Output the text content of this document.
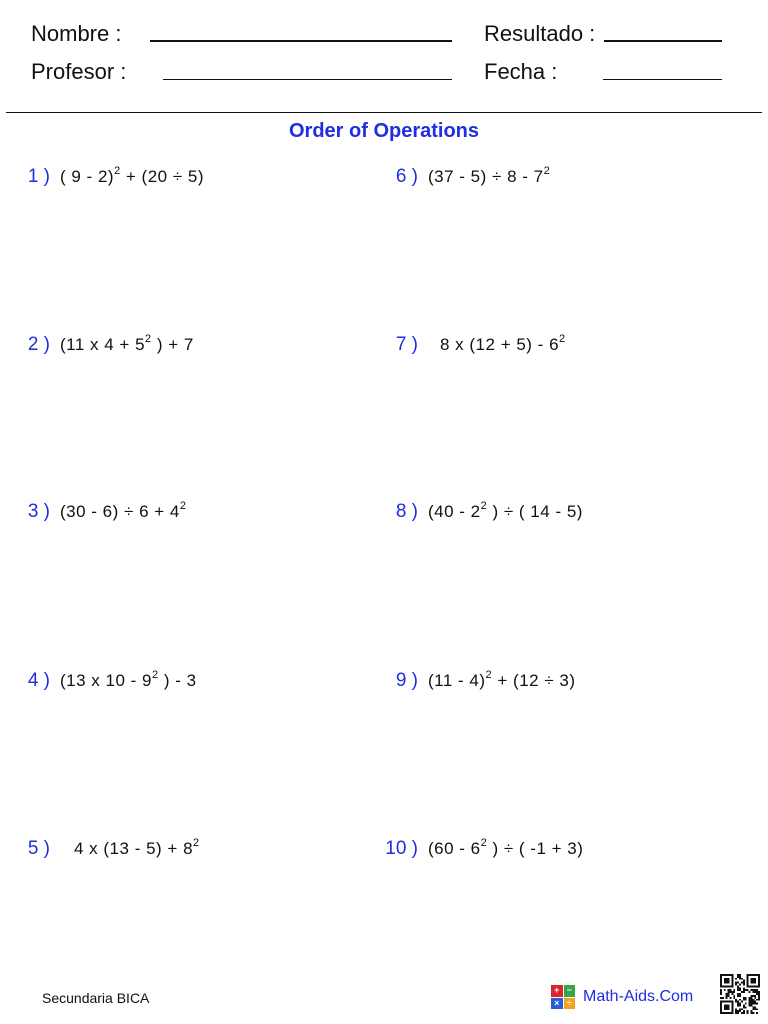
Nombre :	Resultado :
Profesor :	Fecha :
Order of Operations
1 ) ( 9 - 2)$^2$ + (20 ÷ 5)
2 ) (11 x $4 + 5^2$ ) + 7
3 ) $(30 - 6) \div 6 + 4^2$
4 ) (13 x $10 - 9^2$ ) - 3
5 ) 4 x $(13 - 5) + 8^2$
6 ) $(37 - 5) \div 8 - 7^2$
7 ) 8 x $(12 + 5) - 6^2$
8 ) ($40 - 2^2$ ) ÷ ( 14 - 5)
9 ) (11 - 4)$^2$ + (12 ÷ 3)
10 ) ($60 - 6^2$ ) ÷ ( -1 + 3)
Secundaria BICA	+ −
× ÷ Math-Aids.Com
